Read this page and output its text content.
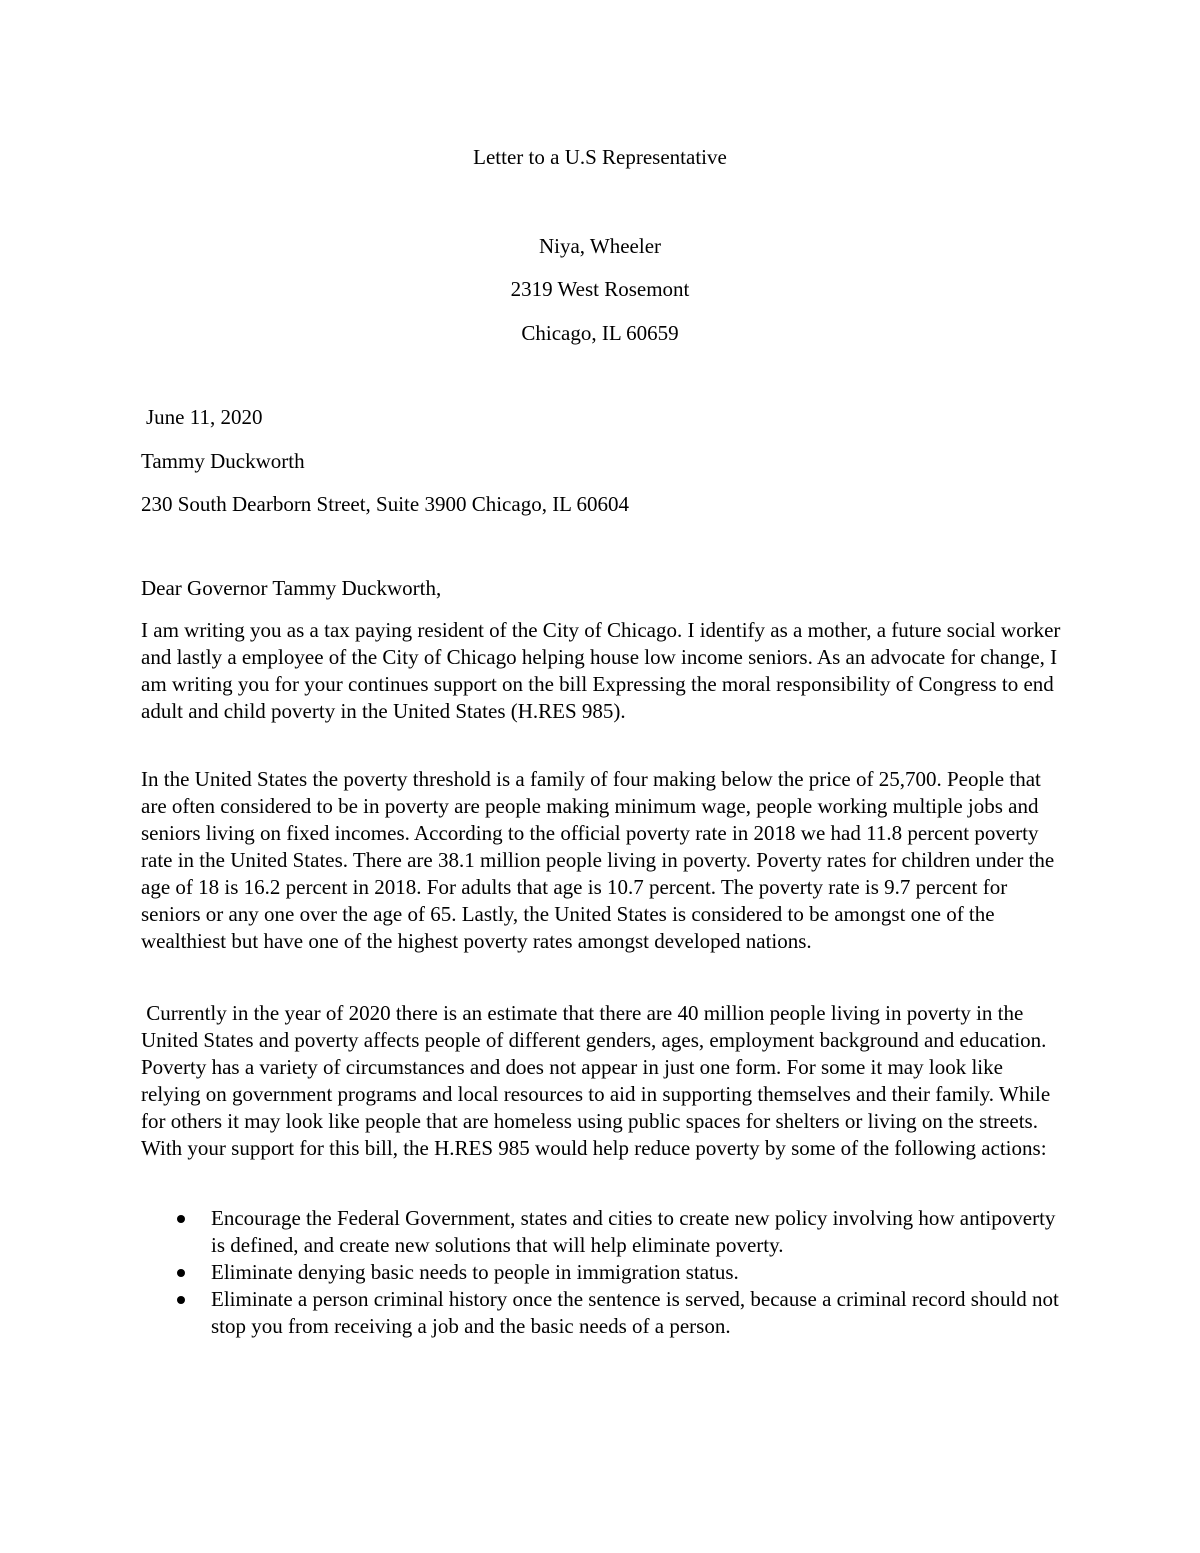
Letter to a U.S Representative
Niya, Wheeler
2319 West Rosemont
Chicago, IL 60659
June 11, 2020
Tammy Duckworth
230 South Dearborn Street, Suite 3900 Chicago, IL 60604
Dear Governor Tammy Duckworth,

I am writing you as a tax paying resident of the City of Chicago. I identify as a mother, a future social worker and lastly a employee of the City of Chicago helping house low income seniors. As an advocate for change, I am writing you for your continues support on the bill Expressing the moral responsibility of Congress to end adult and child poverty in the United States (H.RES 985).

In the United States the poverty threshold is a family of four making below the price of 25,700. People that are often considered to be in poverty are people making minimum wage, people working multiple jobs and seniors living on fixed incomes. According to the official poverty rate in 2018 we had 11.8 percent poverty rate in the United States. There are 38.1 million people living in poverty. Poverty rates for children under the age of 18 is 16.2 percent in 2018. For adults that age is 10.7 percent. The poverty rate is 9.7 percent for seniors or any one over the age of 65. Lastly, the United States is considered to be amongst one of the wealthiest but have one of the highest poverty rates amongst developed nations.

Currently in the year of 2020 there is an estimate that there are 40 million people living in poverty in the United States and poverty affects people of different genders, ages, employment background and education. Poverty has a variety of circumstances and does not appear in just one form. For some it may look like relying on government programs and local resources to aid in supporting themselves and their family. While for others it may look like people that are homeless using public spaces for shelters or living on the streets. With your support for this bill, the H.RES 985 would help reduce poverty by some of the following actions:

Encourage the Federal Government, states and cities to create new policy involving how antipoverty is defined, and create new solutions that will help eliminate poverty.
Eliminate denying basic needs to people in immigration status.
Eliminate a person criminal history once the sentence is served, because a criminal record should not stop you from receiving a job and the basic needs of a person.
